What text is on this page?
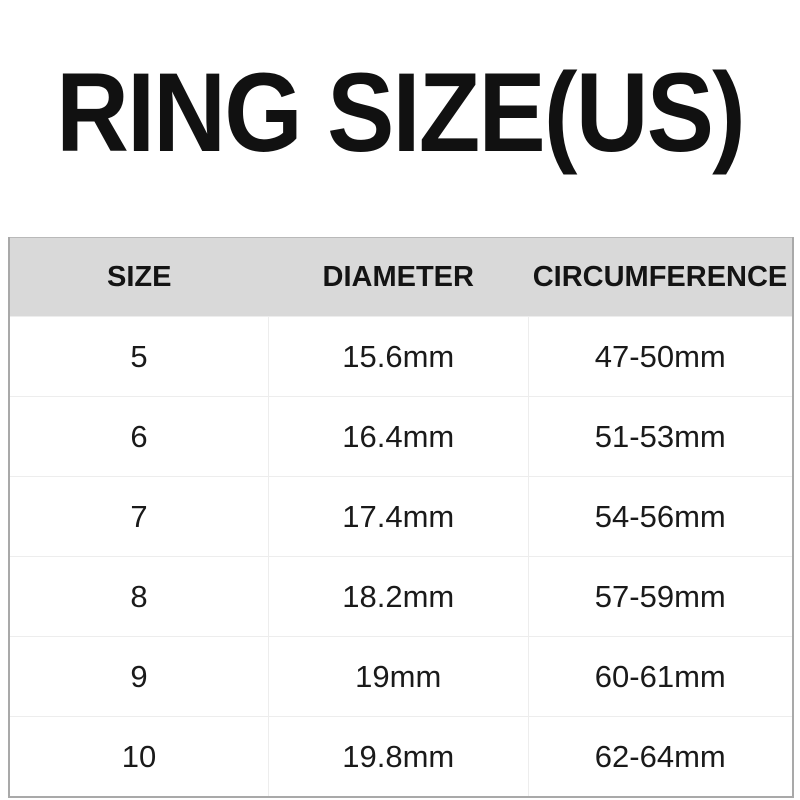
RING SIZE(US)
SIZE	DIAMETER	CIRCUMFERENCE
5	15.6mm	47-50mm
6	16.4mm	51-53mm
7	17.4mm	54-56mm
8	18.2mm	57-59mm
9	19mm	60-61mm
10	19.8mm	62-64mm
